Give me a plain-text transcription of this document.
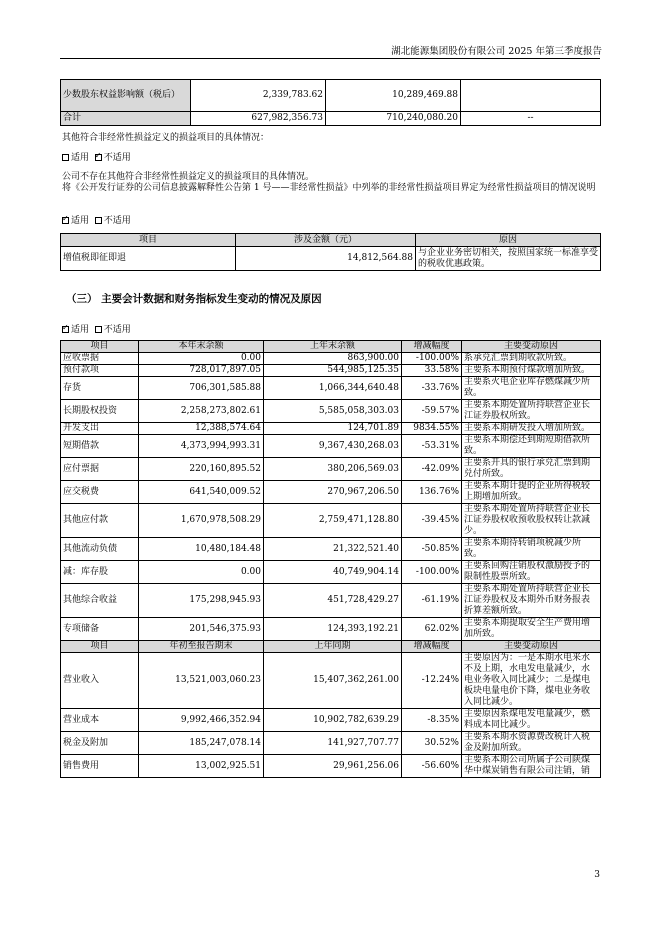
湖北能源集团股份有限公司 2025 年第三季度报告
少数股东权益影响额（税后）	2,339,783.62	10,289,469.88	
合计	627,982,356.73	710,240,080.20	--
其他符合非经常性损益定义的损益项目的具体情况：
适用 ✓ 不适用
公司不存在其他符合非经常性损益定义的损益项目的具体情况。
将《公开发行证券的公司信息披露解释性公告第 1 号——非经常性损益》中列举的非经常性损益项目界定为经常性损益项目的情况说明
✓适用 不适用
项目	涉及金额（元）	原因
增值税即征即退	14,812,564.88	与企业业务密切相关，按照国家统一标准享受的税收优惠政策。
（三） 主要会计数据和财务指标发生变动的情况及原因
✓适用 不适用
项目	本年末余额	上年末余额	增减幅度	主要变动原因
应收票据	0.00	863,900.00	-100.00%	系承兑汇票到期收款所致。
预付款项	728,017,897.05	544,985,125.35	33.58%	主要系本期预付煤款增加所致。
存货	706,301,585.88	1,066,344,640.48	-33.76%	主要系火电企业库存燃煤减少所致。
长期股权投资	2,258,273,802.61	5,585,058,303.03	-59.57%	主要系本期处置所持联营企业长江证券股权所致。
开发支出	12,388,574.64	124,701.89	9834.55%	主要系本期研发投入增加所致。
短期借款	4,373,994,993.31	9,367,430,268.03	-53.31%	主要系本期偿还到期短期借款所致。
应付票据	220,160,895.52	380,206,569.03	-42.09%	主要系开具的银行承兑汇票到期兑付所致。
应交税费	641,540,009.52	270,967,206.50	136.76%	主要系本期计提的企业所得税较上期增加所致。
其他应付款	1,670,978,508.29	2,759,471,128.80	-39.45%	主要系本期处置所持联营企业长江证券股权收预收股权转让款减少。
其他流动负债	10,480,184.48	21,322,521.40	-50.85%	主要系本期待转销项税减少所致。
减：库存股	0.00	40,749,904.14	-100.00%	主要系回购注销股权激励授予的限制性股票所致。
其他综合收益	175,298,945.93	451,728,429.27	-61.19%	主要系本期处置所持联营企业长江证券股权及本期外币财务报表折算差额所致。
专项储备	201,546,375.93	124,393,192.21	62.02%	主要系本期提取安全生产费用增加所致。
项目	年初至报告期末	上年同期	增减幅度	主要变动原因
营业收入	13,521,003,060.23	15,407,362,261.00	-12.24%	主要原因为：一是本期水电来水不及上期，水电发电量减少，水电业务收入同比减少；二是煤电板块电量电价下降，煤电业务收入同比减少。
营业成本	9,992,466,352.94	10,902,782,639.29	-8.35%	主要原因系煤电发电量减少，燃料成本同比减少。
税金及附加	185,247,078.14	141,927,707.77	30.52%	主要系本期水资源费改税计入税金及附加所致。
销售费用	13,002,925.51	29,961,256.06	-56.60%	主要系本期公司所属子公司陕煤华中煤炭销售有限公司注销，销
3
